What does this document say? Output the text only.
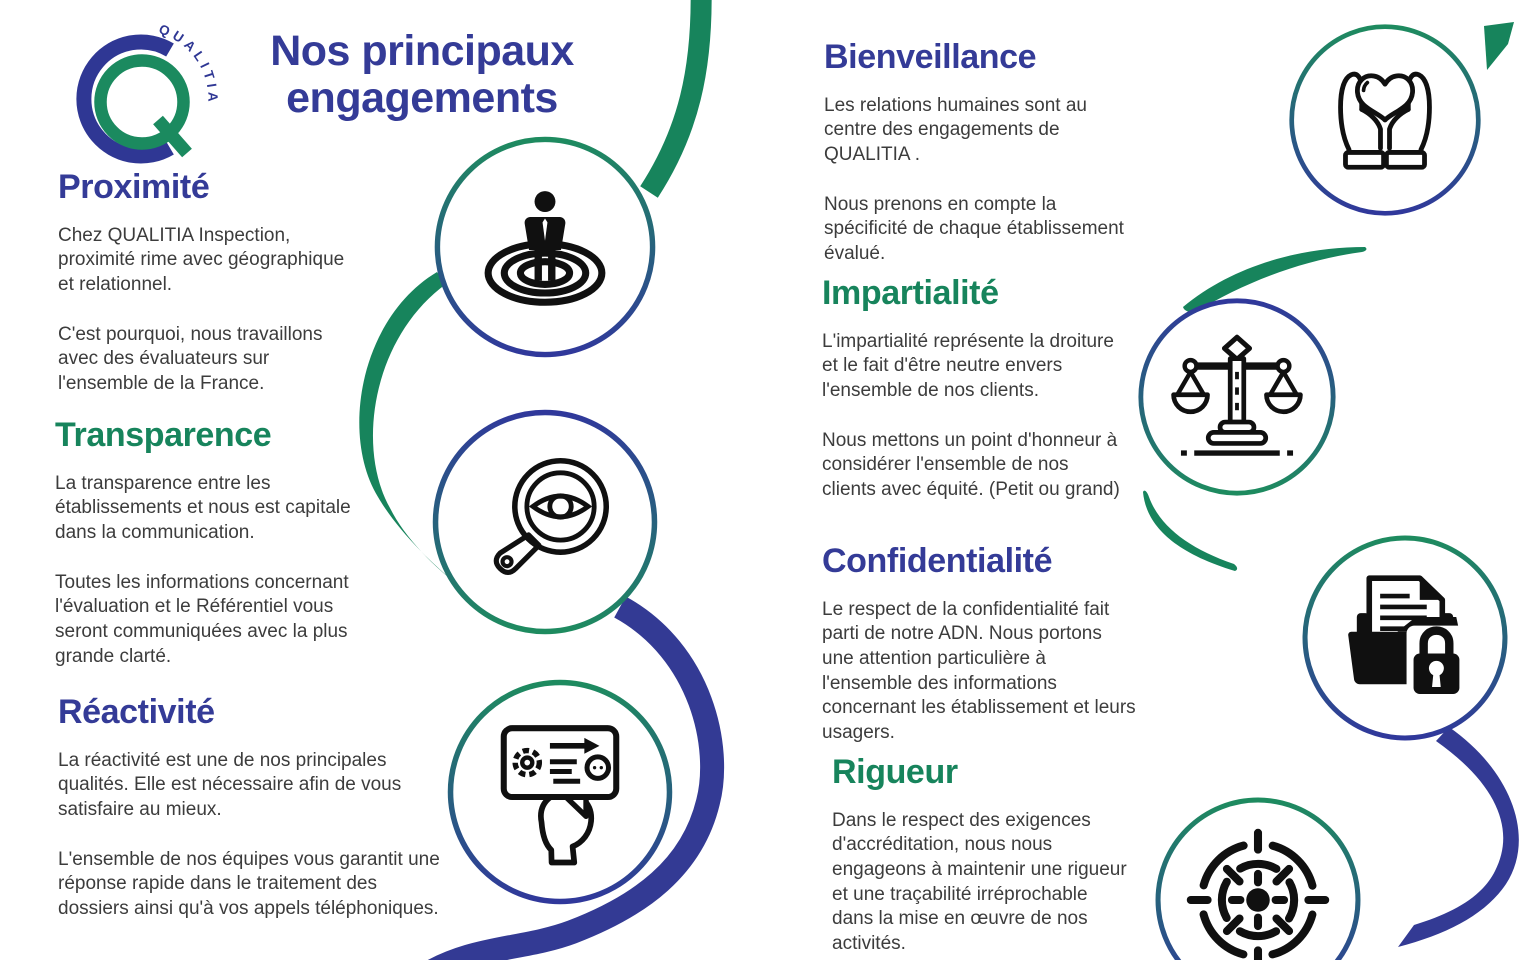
QUALITIA
Nos principaux
engagements
Proximité

Chez QUALITIA Inspection, proximité rime avec géographique et relationnel.

C'est pourquoi, nous travaillons avec des évaluateurs sur l'ensemble de la France.

Transparence

La transparence entre les établissements et nous est capitale dans la communication.

Toutes les informations concernant l'évaluation et le Référentiel vous seront communiquées avec la plus grande clarté.

Réactivité

La réactivité est une de nos principales qualités. Elle est nécessaire afin de vous satisfaire au mieux.

L'ensemble de nos équipes vous garantit une réponse rapide dans le traitement des dossiers ainsi qu'à vos appels téléphoniques.

Bienveillance

Les relations humaines sont au centre des engagements de QUALITIA .

Nous prenons en compte la spécificité de chaque établissement évalué.

Impartialité

L'impartialité représente la droiture et le fait d'être neutre envers l'ensemble de nos clients.

Nous mettons un point d'honneur à considérer l'ensemble de nos clients avec équité. (Petit ou grand)

Confidentialité

Le respect de la confidentialité fait parti de notre ADN. Nous portons une attention particulière à l'ensemble des informations concernant les établissement et leurs usagers.

Rigueur

Dans le respect des exigences d'accréditation, nous nous engageons à maintenir une rigueur et une traçabilité irréprochable dans la mise en œuvre de nos activités.
